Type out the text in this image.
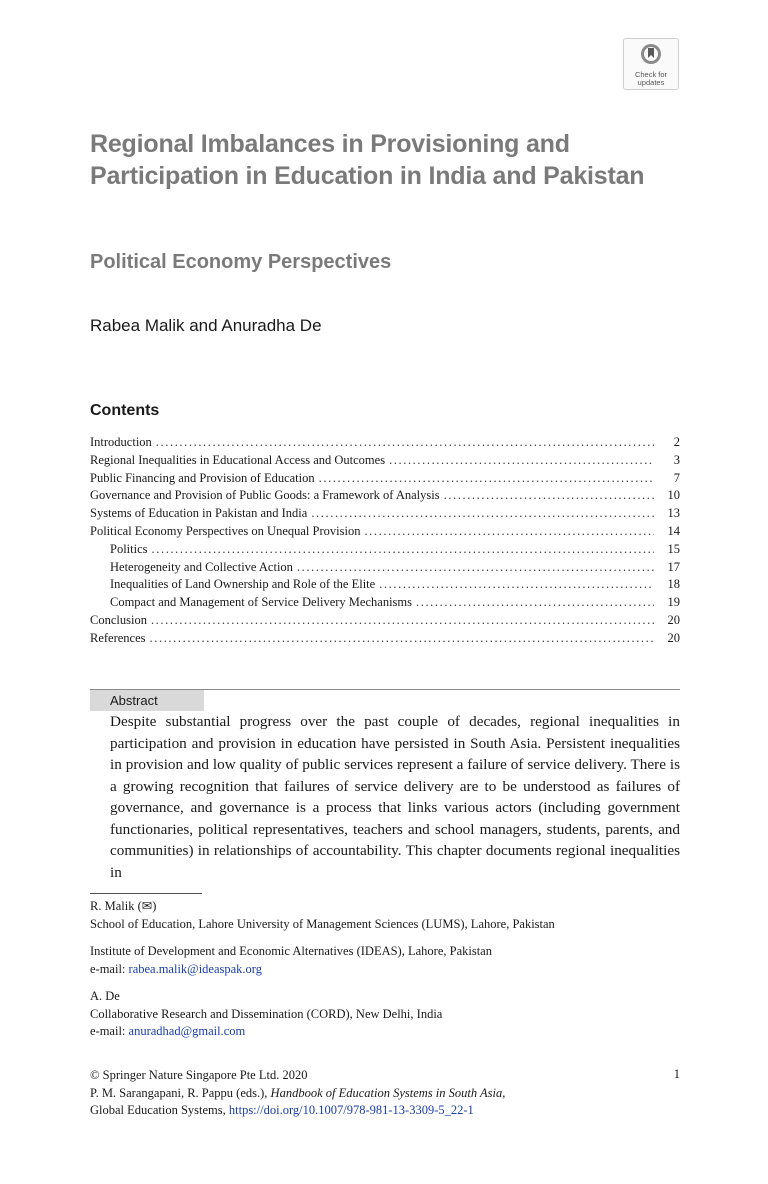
Check for
updates
Regional Imbalances in Provisioning and Participation in Education in India and Pakistan
Political Economy Perspectives

Rabea Malik and Anuradha De

Contents
Introduction .....	2
Regional Inequalities in Educational Access and Outcomes .....	3
Public Financing and Provision of Education .....	7
Governance and Provision of Public Goods: a Framework of Analysis .....	10
Systems of Education in Pakistan and India .....	13
Political Economy Perspectives on Unequal Provision .....	14
Politics .....	15
Heterogeneity and Collective Action .....	17
Inequalities of Land Ownership and Role of the Elite .....	18
Compact and Management of Service Delivery Mechanisms .....	19
Conclusion .....	20
References .....	20
Abstract

Despite substantial progress over the past couple of decades, regional inequalities in participation and provision in education have persisted in South Asia. Persistent inequalities in provision and low quality of public services represent a failure of service delivery. There is a growing recognition that failures of service delivery are to be understood as failures of governance, and governance is a process that links various actors (including government functionaries, political representatives, teachers and school managers, students, parents, and communities) in relationships of accountability. This chapter documents regional inequalities in

R. Malik (✉)
School of Education, Lahore University of Management Sciences (LUMS), Lahore, Pakistan

Institute of Development and Economic Alternatives (IDEAS), Lahore, Pakistan
e-mail: rabea.malik@ideaspak.org

A. De
Collaborative Research and Dissemination (CORD), New Delhi, India
e-mail: anuradhad@gmail.com

© Springer Nature Singapore Pte Ltd. 2020
P. M. Sarangapani, R. Pappu (eds.), Handbook of Education Systems in South Asia,
Global Education Systems, https://doi.org/10.1007/978-981-13-3309-5_22-1

1
